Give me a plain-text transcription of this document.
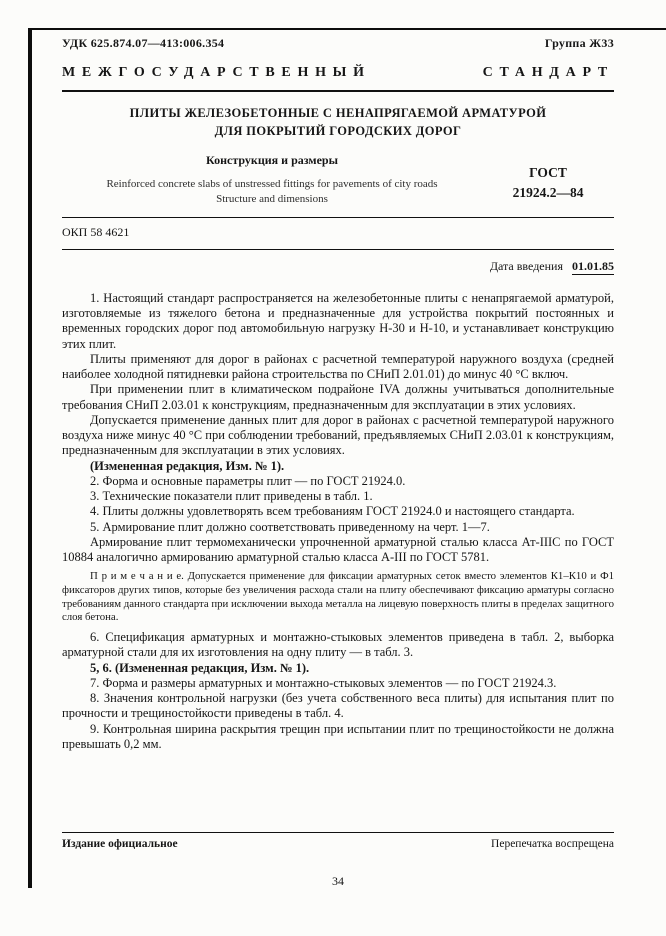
УДК 625.874.07—413:006.354	Группа Ж33
МЕЖГОСУДАРСТВЕННЫЙ	СТАНДАРТ
ПЛИТЫ ЖЕЛЕЗОБЕТОННЫЕ С НЕНАПРЯГАЕМОЙ АРМАТУРОЙ
ДЛЯ ПОКРЫТИЙ ГОРОДСКИХ ДОРОГ
Конструкция и размеры
Reinforced concrete slabs of unstressed fittings for pavements of city roads
Structure and dimensions
ГОСТ
21924.2—84
ОКП 58 4621
Дата введения 01.01.85

1. Настоящий стандарт распространяется на железобетонные плиты с ненапрягаемой арматурой, изготовляемые из тяжелого бетона и предназначенные для устройства покрытий постоянных и временных городских дорог под автомобильную нагрузку Н-30 и Н-10, и устанавливает конструкцию этих плит.

Плиты применяют для дорог в районах с расчетной температурой наружного воздуха (средней наиболее холодной пятидневки района строительства по СНиП 2.01.01) до минус 40 °С включ.

При применении плит в климатическом подрайоне IVA должны учитываться дополнительные требования СНиП 2.03.01 к конструкциям, предназначенным для эксплуатации в этих условиях.

Допускается применение данных плит для дорог в районах с расчетной температурой наружного воздуха ниже минус 40 °С при соблюдении требований, предъявляемых СНиП 2.03.01 к конструкциям, предназначенным для эксплуатации в этих условиях.

(Измененная редакция, Изм. № 1).

2. Форма и основные параметры плит — по ГОСТ 21924.0.

3. Технические показатели плит приведены в табл. 1.

4. Плиты должны удовлетворять всем требованиям ГОСТ 21924.0 и настоящего стандарта.

5. Армирование плит должно соответствовать приведенному на черт. 1—7.

Армирование плит термомеханически упрочненной арматурной сталью класса Ат-IIIС по ГОСТ 10884 аналогично армированию арматурной сталью класса А-III по ГОСТ 5781.

П р и м е ч а н и е. Допускается применение для фиксации арматурных сеток вместо элементов К1–К10 и Ф1 фиксаторов других типов, которые без увеличения расхода стали на плиту обеспечивают фиксацию арматуры согласно требованиям данного стандарта при исключении выхода металла на лицевую поверхность плиты в пределах защитного слоя бетона.

6. Спецификация арматурных и монтажно-стыковых элементов приведена в табл. 2, выборка арматурной стали для их изготовления на одну плиту — в табл. 3.

5, 6. (Измененная редакция, Изм. № 1).

7. Форма и размеры арматурных и монтажно-стыковых элементов — по ГОСТ 21924.3.

8. Значения контрольной нагрузки (без учета собственного веса плиты) для испытания плит по прочности и трещиностойкости приведены в табл. 4.

9. Контрольная ширина раскрытия трещин при испытании плит по трещиностойкости не должна превышать 0,2 мм.

Издание официальное	Перепечатка воспрещена
34
